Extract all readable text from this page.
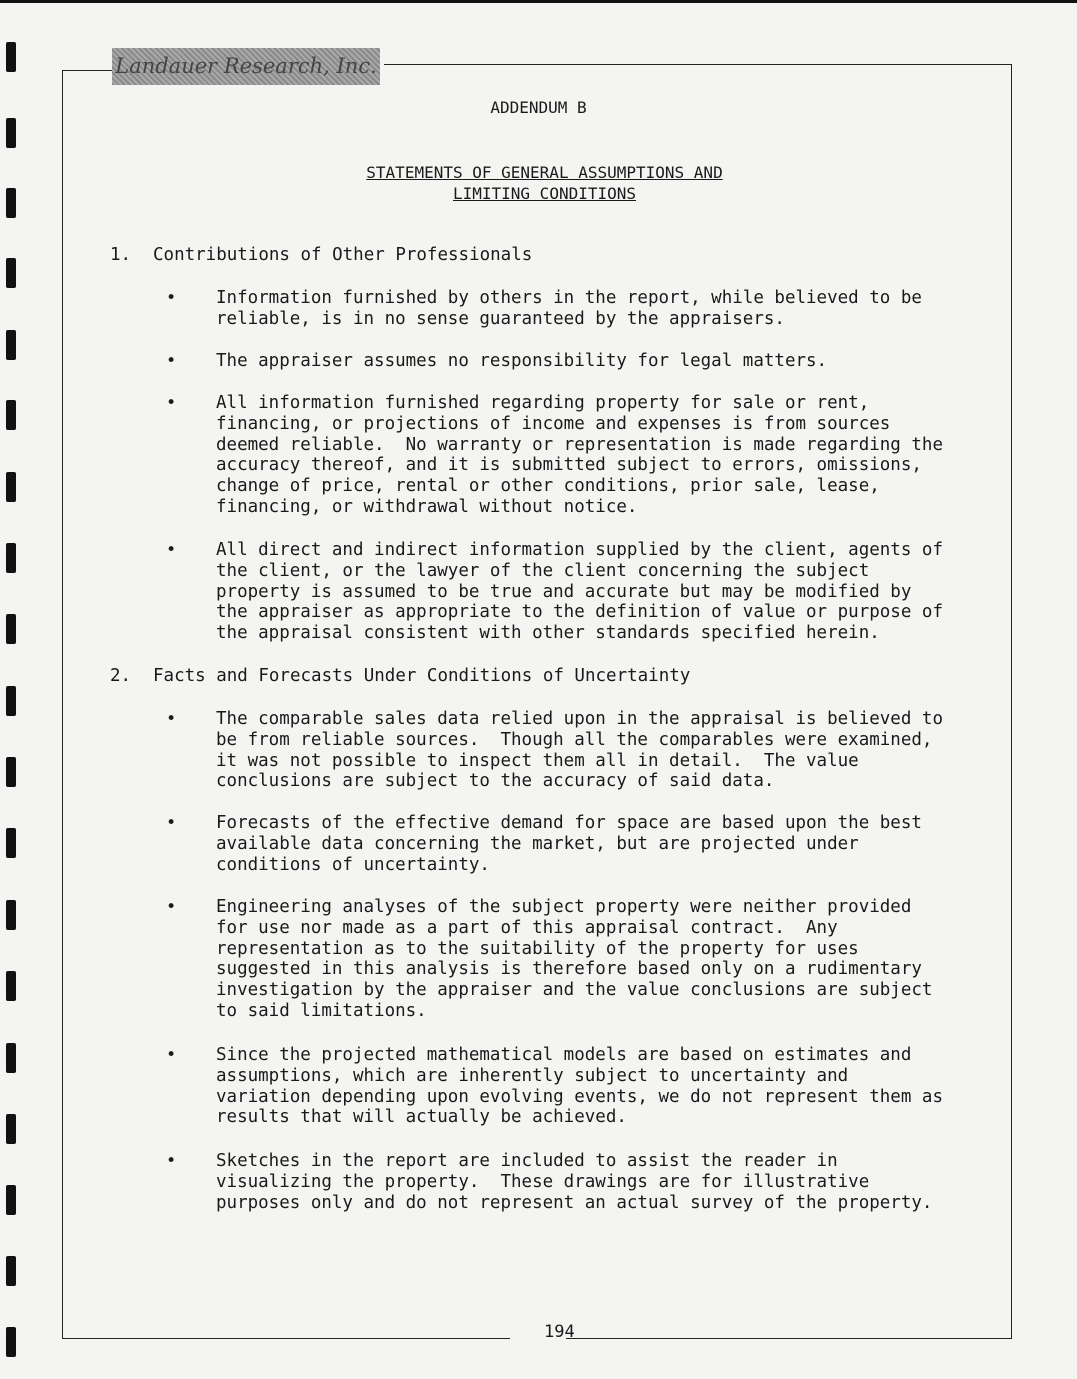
Landauer Research, Inc.
ADDENDUM B
STATEMENTS OF GENERAL ASSUMPTIONS AND
LIMITING CONDITIONS
1. Contributions of Other Professionals
• Information furnished by others in the report, while believed to be
reliable, is in no sense guaranteed by the appraisers.
• The appraiser assumes no responsibility for legal matters.
• All information furnished regarding property for sale or rent,
financing, or projections of income and expenses is from sources
deemed reliable.  No warranty or representation is made regarding the
accuracy thereof, and it is submitted subject to errors, omissions,
change of price, rental or other conditions, prior sale, lease,
financing, or withdrawal without notice.
• All direct and indirect information supplied by the client, agents of
the client, or the lawyer of the client concerning the subject
property is assumed to be true and accurate but may be modified by
the appraiser as appropriate to the definition of value or purpose of
the appraisal consistent with other standards specified herein.
2. Facts and Forecasts Under Conditions of Uncertainty
• The comparable sales data relied upon in the appraisal is believed to
be from reliable sources.  Though all the comparables were examined,
it was not possible to inspect them all in detail.  The value
conclusions are subject to the accuracy of said data.
• Forecasts of the effective demand for space are based upon the best
available data concerning the market, but are projected under
conditions of uncertainty.
• Engineering analyses of the subject property were neither provided
for use nor made as a part of this appraisal contract.  Any
representation as to the suitability of the property for uses
suggested in this analysis is therefore based only on a rudimentary
investigation by the appraiser and the value conclusions are subject
to said limitations.
• Since the projected mathematical models are based on estimates and
assumptions, which are inherently subject to uncertainty and
variation depending upon evolving events, we do not represent them as
results that will actually be achieved.
• Sketches in the report are included to assist the reader in
visualizing the property.  These drawings are for illustrative
purposes only and do not represent an actual survey of the property.
194
